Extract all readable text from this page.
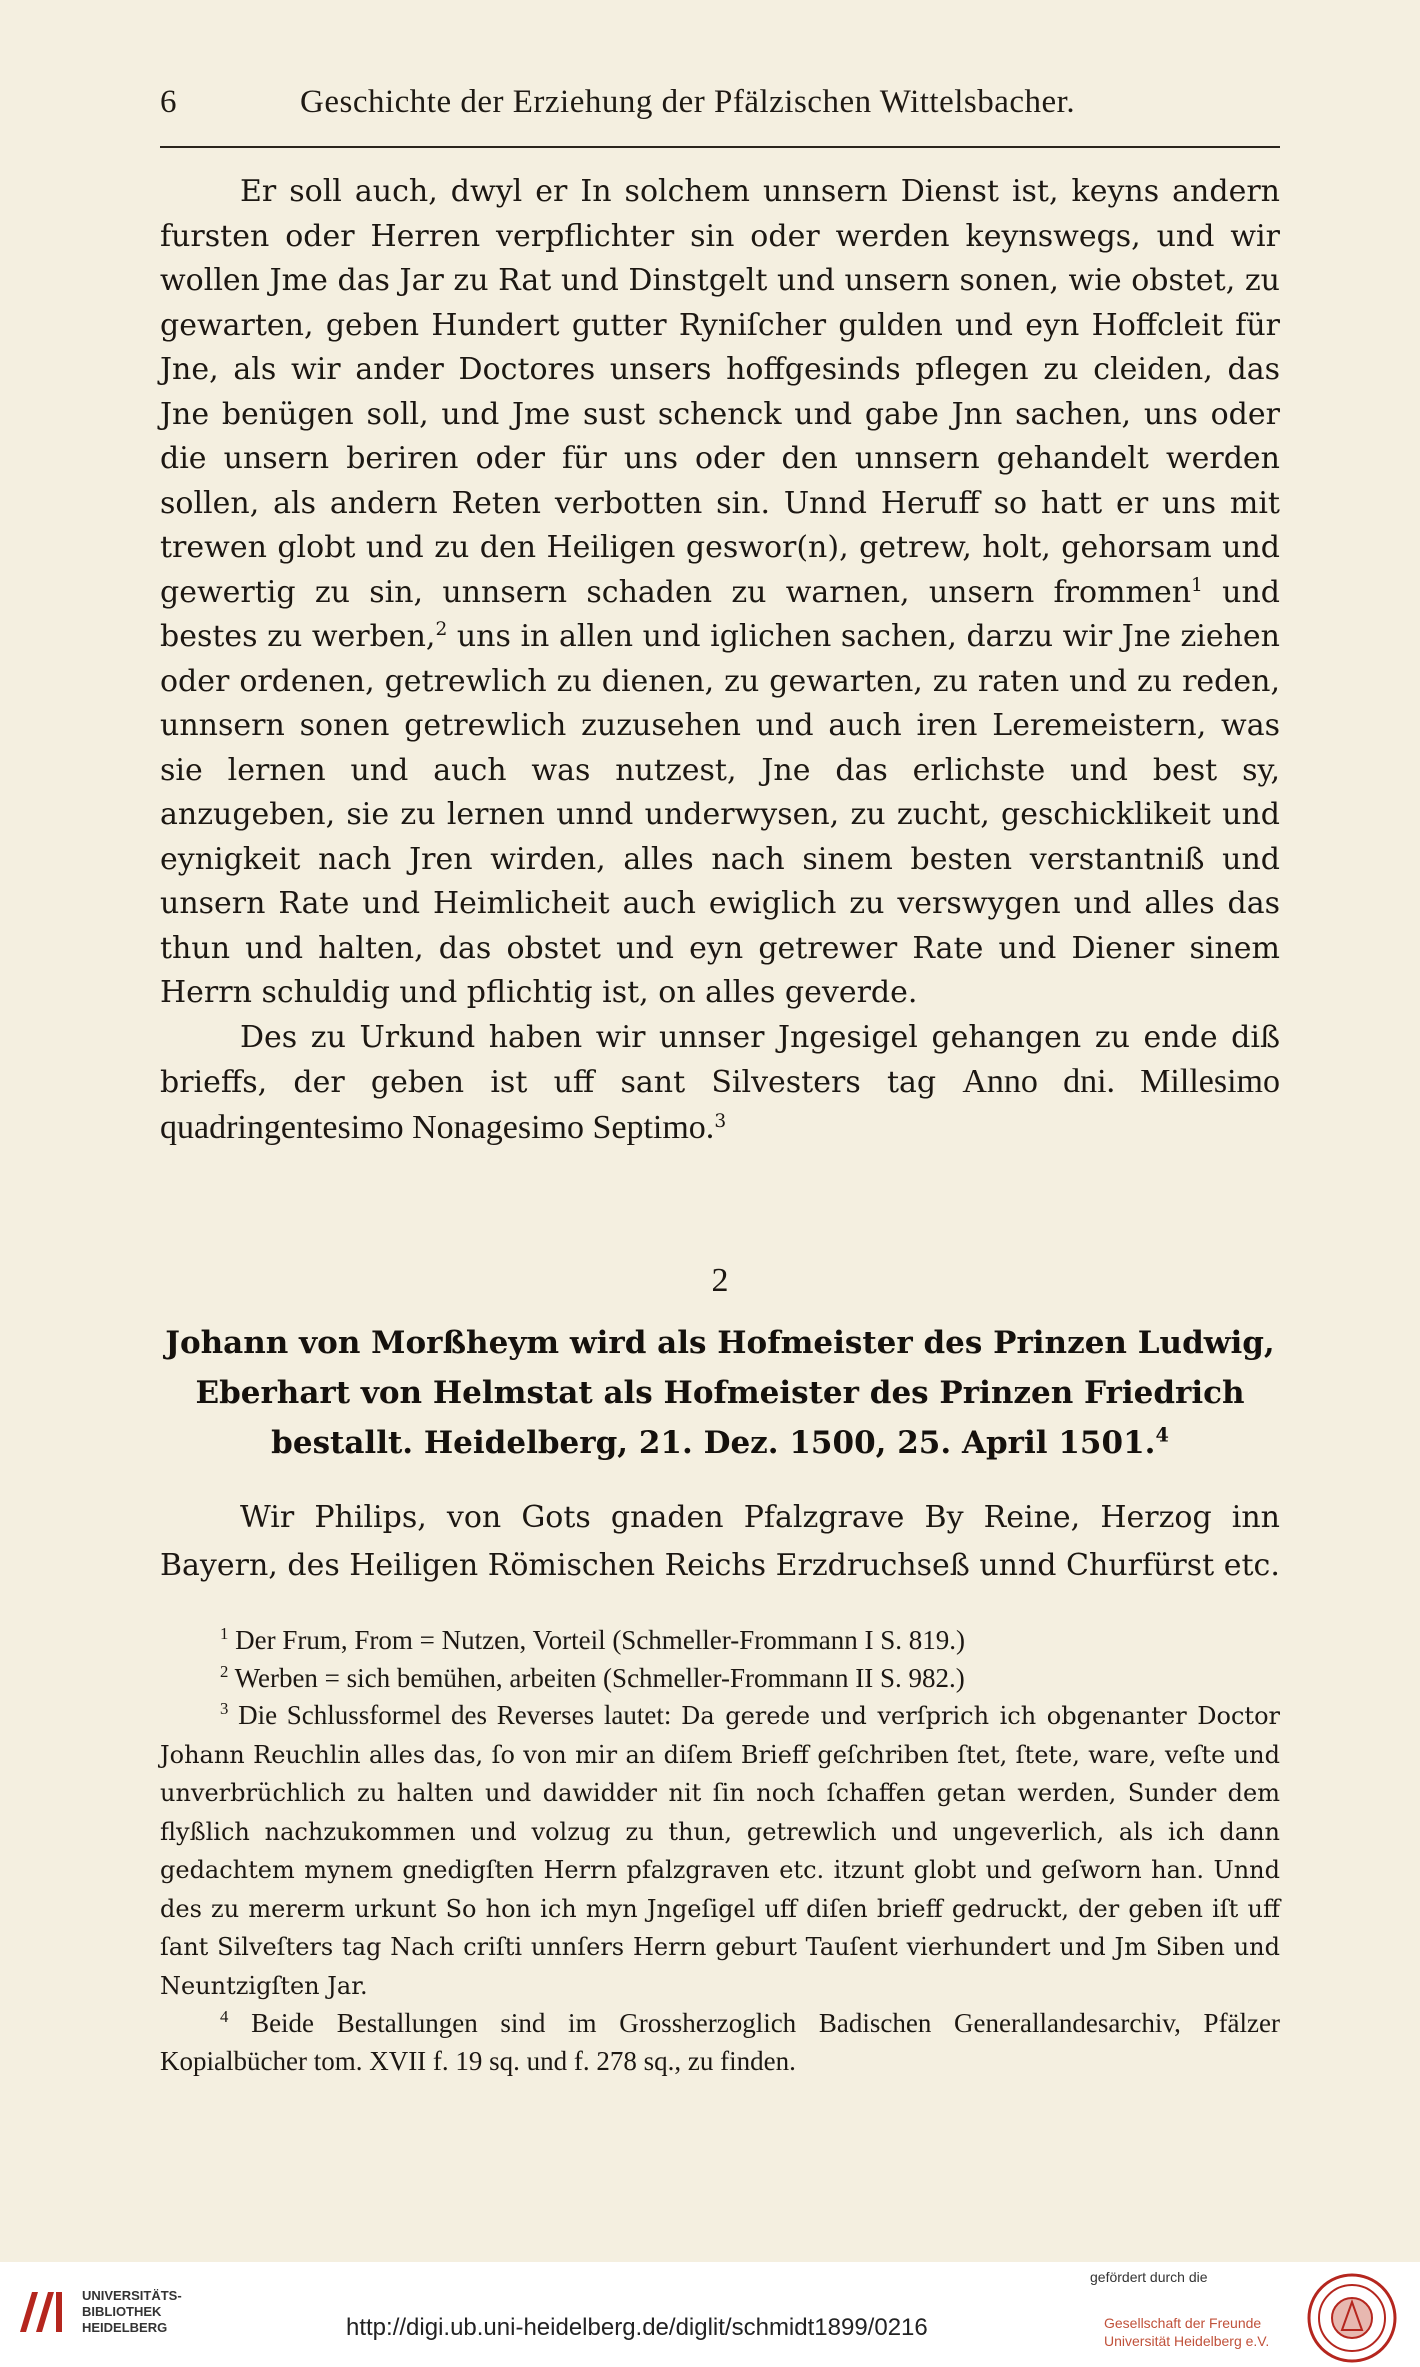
6	Geschichte der Erziehung der Pfälzischen Wittelsbacher.

Er soll auch, dwyl er In solchem unnsern Dienst ist, keyns andern fursten oder Herren verpflichter sin oder werden keynswegs, und wir wollen Jme das Jar zu Rat und Dinstgelt und unsern sonen, wie obstet, zu gewarten, geben Hundert gutter Ryniſcher gulden und eyn Hoffcleit für Jne, als wir ander Doctores unsers hoffgesinds pflegen zu cleiden, das Jne benügen soll, und Jme sust schenck und gabe Jnn sachen, uns oder die unsern beriren oder für uns oder den unnsern gehandelt werden sollen, als andern Reten verbotten sin. Unnd Heruff so hatt er uns mit trewen globt und zu den Heiligen geswor(n), getrew, holt, gehorsam und gewertig zu sin, unnsern schaden zu warnen, unsern frommen$^1$ und bestes zu werben,$^2$ uns in allen und iglichen sachen, darzu wir Jne ziehen oder ordenen, getrewlich zu dienen, zu gewarten, zu raten und zu reden, unnsern sonen getrewlich zuzusehen und auch iren Leremeistern, was sie lernen und auch was nutzest, Jne das erlichste und best sy, anzugeben, sie zu lernen unnd underwysen, zu zucht, geschicklikeit und eynigkeit nach Jren wirden, alles nach sinem besten verstantniß und unsern Rate und Heimlicheit auch ewiglich zu verswygen und alles das thun und halten, das obstet und eyn getrewer Rate und Diener sinem Herrn schuldig und pflichtig ist, on alles geverde.

Des zu Urkund haben wir unnser Jngesigel gehangen zu ende diß brieffs, der geben ist uff sant Silvesters tag Anno dni. Millesimo quadringentesimo Nonagesimo Septimo.$^3$

2
Johann von Morßheym wird als Hofmeister des Prinzen Ludwig, Eberhart von Helmstat als Hofmeister des Prinzen Friedrich bestallt. Heidelberg, 21. Dez. 1500, 25. April 1501.$^4$

Wir Philips, von Gots gnaden Pfalzgrave By Reine, Herzog inn Bayern, des Heiligen Römischen Reichs Erzdruchseß unnd Churfürst etc.

$^1$ Der Frum, From = Nutzen, Vorteil (Schmeller-Frommann I S. 819.)

$^2$ Werben = sich bemühen, arbeiten (Schmeller-Frommann II S. 982.)

$^3$ Die Schlussformel des Reverses lautet: Da gerede und verſprich ich obgenanter Doctor Johann Reuchlin alles das, ſo von mir an diſem Brieff geſchriben ſtet, ſtete, ware, veſte und unverbrüchlich zu halten und dawidder nit ſin noch ſchaffen getan werden, Sunder dem flyßlich nachzukommen und volzug zu thun, getrewlich und ungeverlich, als ich dann gedachtem mynem gnedigſten Herrn pfalzgraven etc. itzunt globt und geſworn han. Unnd des zu mererm urkunt So hon ich myn Jngeſigel uff diſen brieff gedruckt, der geben iſt uff ſant Silveſters tag Nach criſti unnſers Herrn geburt Tauſent vierhundert und Jm Siben und Neuntzigſten Jar.

$^4$ Beide Bestallungen sind im Grossherzoglich Badischen Generallandesarchiv, Pfälzer Kopialbücher tom. XVII f. 19 sq. und f. 278 sq., zu finden.

UNIVERSITÄTS-
BIBLIOTHEK
HEIDELBERG	http://digi.ub.uni-heidelberg.de/diglit/schmidt1899/0216

gefördert durch die

Gesellschaft der Freunde
Universität Heidelberg e.V.
